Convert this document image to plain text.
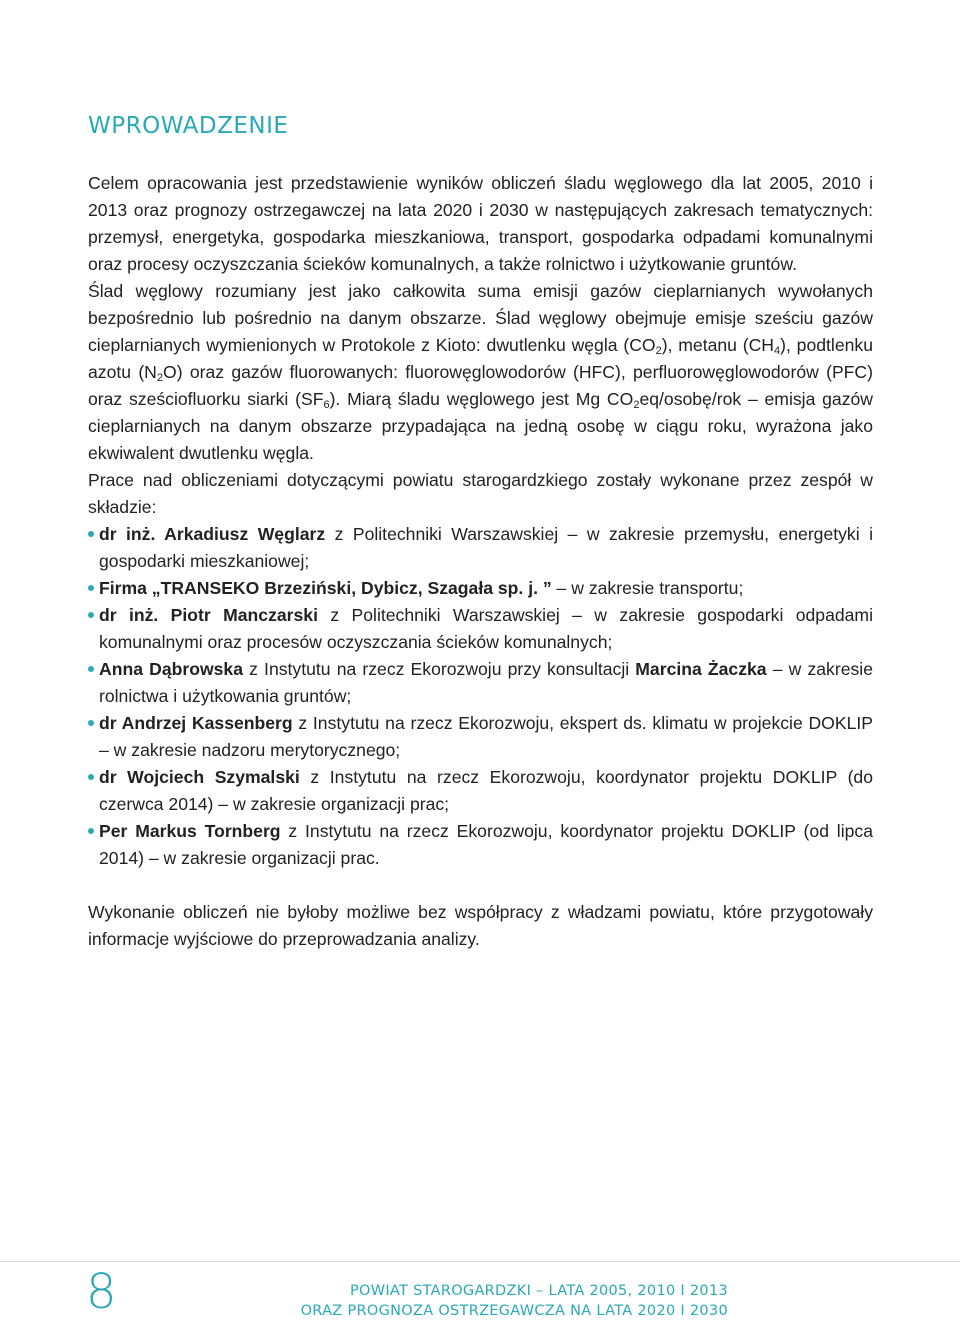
WPROWADZENIE

Celem opracowania jest przedstawienie wyników obliczeń śladu węglowego dla lat 2005, 2010 i 2013 oraz prognozy ostrzegawczej na lata 2020 i 2030 w następujących zakresach tematycznych: przemysł, energetyka, gospodarka mieszkaniowa, transport, gospodarka odpadami komunalnymi oraz procesy oczyszczania ścieków komunalnych, a także rolnictwo i użytkowanie gruntów.

Ślad węglowy rozumiany jest jako całkowita suma emisji gazów cieplarnianych wywołanych bezpośrednio lub pośrednio na danym obszarze. Ślad węglowy obejmuje emisje sześciu gazów cieplarnianych wymienionych w Protokole z Kioto: dwutlenku węgla $(CO_2)$, metanu $(CH_4)$, podtlenku azotu $(N_2O)$ oraz gazów fluorowanych: fluorowęglowodorów (HFC), perfluorowęglowodorów (PFC) oraz sześciofluorku siarki $(SF_6)$. Miarą śladu węglowego jest Mg $CO_2eq/osobę$/rok – emisja gazów cieplarnianych na danym obszarze przypadająca na jedną osobę w ciągu roku, wyrażona jako ekwiwalent dwutlenku węgla.

Prace nad obliczeniami dotyczącymi powiatu starogardzkiego zostały wykonane przez zespół w składzie:

dr inż. Arkadiusz Węglarz z Politechniki Warszawskiej – w zakresie przemysłu, energetyki i gospodarki mieszkaniowej;
Firma „TRANSEKO Brzeziński, Dybicz, Szagała sp. j. ” – w zakresie transportu;
dr inż. Piotr Manczarski z Politechniki Warszawskiej – w zakresie gospodarki odpadami komunalnymi oraz procesów oczyszczania ścieków komunalnych;
Anna Dąbrowska z Instytutu na rzecz Ekorozwoju przy konsultacji Marcina Żaczka – w zakresie rolnictwa i użytkowania gruntów;
dr Andrzej Kassenberg z Instytutu na rzecz Ekorozwoju, ekspert ds. klimatu w projekcie DOKLIP – w zakresie nadzoru merytorycznego;
dr Wojciech Szymalski z Instytutu na rzecz Ekorozwoju, koordynator projektu DOKLIP (do czerwca 2014) – w zakresie organizacji prac;
Per Markus Tornberg z Instytutu na rzecz Ekorozwoju, koordynator projektu DOKLIP (od lipca 2014) – w zakresie organizacji prac.

Wykonanie obliczeń nie byłoby możliwe bez współpracy z władzami powiatu, które przygotowały informacje wyjściowe do przeprowadzania analizy.

8	POWIAT STAROGARDZKI – LATA 2005, 2010 I 2013
ORAZ PROGNOZA OSTRZEGAWCZA NA LATA 2020 I 2030
